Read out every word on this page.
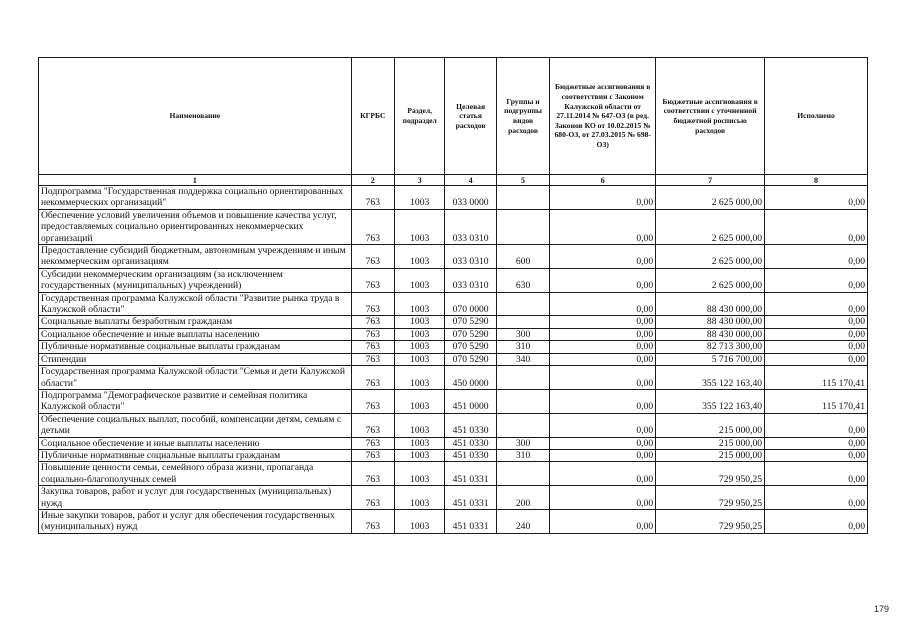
Наименование	КГРБС	Раздел, подраздел	Целевая статья расходов	Группы и подгруппы видов расходов	Бюджетные ассигнования в соответствии с Законом Калужской области от 27.11.2014 № 647-ОЗ (в ред. Законов КО от 10.02.2015 № 680-ОЗ, от 27.03.2015 № 698-ОЗ)	Бюджетные ассигнования в соответствии с уточненной бюджетной росписью расходов	Исполнено
1	2	3	4	5	6	7	8
Подпрограмма "Государственная поддержка социально ориентированных некоммерческих организаций"	763	1003	033 0000		0,00	2 625 000,00	0,00
Обеспечение условий увеличения объемов и повышение качества услуг, предоставляемых социально ориентированных некоммерческих организаций	763	1003	033 0310		0,00	2 625 000,00	0,00
Предоставление субсидий бюджетным, автономным учреждениям и иным некоммерческим организациям	763	1003	033 0310	600	0,00	2 625 000,00	0,00
Субсидии некоммерческим организациям (за исключением государственных (муниципальных) учреждений)	763	1003	033 0310	630	0,00	2 625 000,00	0,00
Государственная программа Калужской области "Развитие рынка труда в Калужской области"	763	1003	070 0000		0,00	88 430 000,00	0,00
Социальные выплаты безработным гражданам	763	1003	070 5290		0,00	88 430 000,00	0,00
Социальное обеспечение и иные выплаты населению	763	1003	070 5290	300	0,00	88 430 000,00	0,00
Публичные нормативные социальные выплаты гражданам	763	1003	070 5290	310	0,00	82 713 300,00	0,00
Стипендии	763	1003	070 5290	340	0,00	5 716 700,00	0,00
Государственная программа Калужской области "Семья и дети Калужской области"	763	1003	450 0000		0,00	355 122 163,40	115 170,41
Подпрограмма "Демографическое развитие и семейная политика Калужской области"	763	1003	451 0000		0,00	355 122 163,40	115 170,41
Обеспечение социальных выплат, пособий, компенсации детям, семьям с детьми	763	1003	451 0330		0,00	215 000,00	0,00
Социальное обеспечение и иные выплаты населению	763	1003	451 0330	300	0,00	215 000,00	0,00
Публичные нормативные социальные выплаты гражданам	763	1003	451 0330	310	0,00	215 000,00	0,00
Повышение ценности семьи, семейного образа жизни, пропаганда социально-благополучных семей	763	1003	451 0331		0,00	729 950,25	0,00
Закупка товаров, работ и услуг для государственных (муниципальных) нужд	763	1003	451 0331	200	0,00	729 950,25	0,00
Иные закупки товаров, работ и услуг для обеспечения государственных (муниципальных) нужд	763	1003	451 0331	240	0,00	729 950,25	0,00
179
